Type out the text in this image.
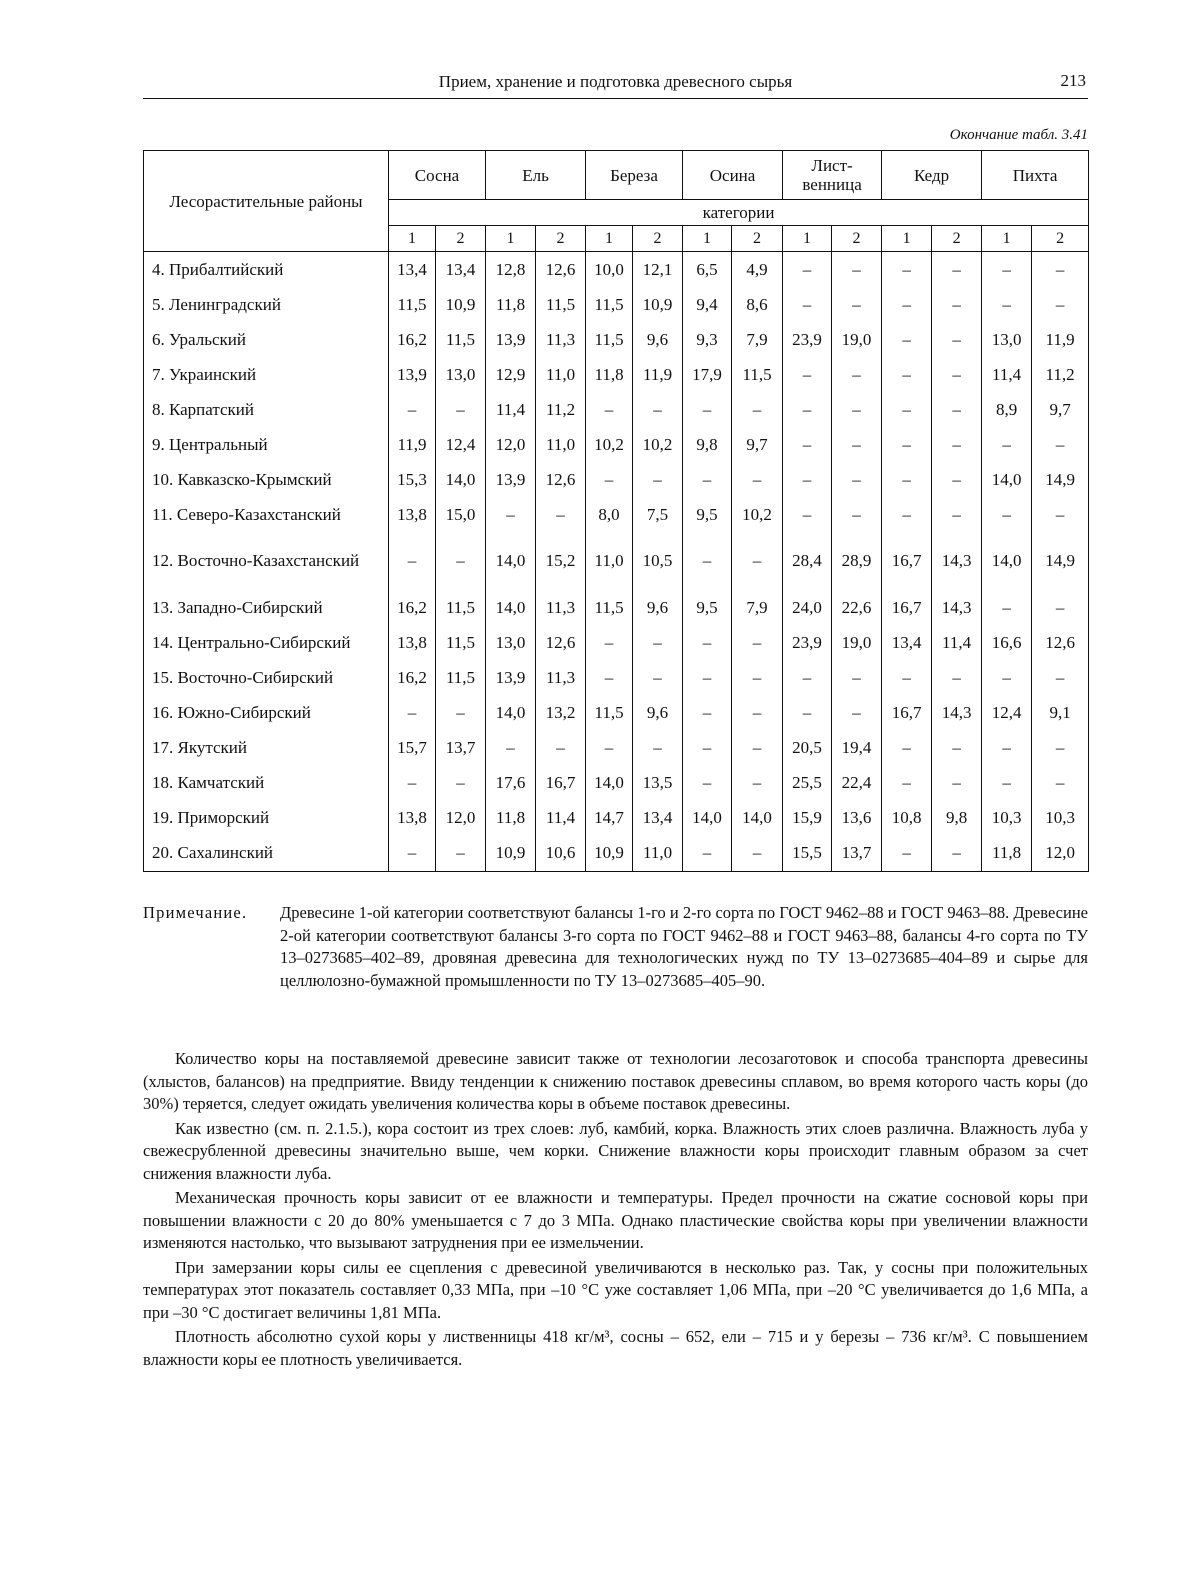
Прием, хранение и подготовка древесного сырья	213
Окончание табл. 3.41
Лесорастительные районы	Сосна		Ель		Береза		Осина		Лист-венница		Кедр		Пихта	
	категории													
	1	2	1	2	1	2	1	2	1	2	1	2	1	2
4. Прибалтийский	13,4	13,4	12,8	12,6	10,0	12,1	6,5	4,9	–	–	–	–	–	–
5. Ленинградский	11,5	10,9	11,8	11,5	11,5	10,9	9,4	8,6	–	–	–	–	–	–
6. Уральский	16,2	11,5	13,9	11,3	11,5	9,6	9,3	7,9	23,9	19,0	–	–	13,0	11,9
7. Украинский	13,9	13,0	12,9	11,0	11,8	11,9	17,9	11,5	–	–	–	–	11,4	11,2
8. Карпатский	–	–	11,4	11,2	–	–	–	–	–	–	–	–	8,9	9,7
9. Центральный	11,9	12,4	12,0	11,0	10,2	10,2	9,8	9,7	–	–	–	–	–	–
10. Кавказско-Крымский	15,3	14,0	13,9	12,6	–	–	–	–	–	–	–	–	14,0	14,9
11. Северо-Казахстанский	13,8	15,0	–	–	8,0	7,5	9,5	10,2	–	–	–	–	–	–
12. Восточно-Казахстанский	–	–	14,0	15,2	11,0	10,5	–	–	28,4	28,9	16,7	14,3	14,0	14,9
13. Западно-Сибирский	16,2	11,5	14,0	11,3	11,5	9,6	9,5	7,9	24,0	22,6	16,7	14,3	–	–
14. Центрально-Сибирский	13,8	11,5	13,0	12,6	–	–	–	–	23,9	19,0	13,4	11,4	16,6	12,6
15. Восточно-Сибирский	16,2	11,5	13,9	11,3	–	–	–	–	–	–	–	–	–	–
16. Южно-Сибирский	–	–	14,0	13,2	11,5	9,6	–	–	–	–	16,7	14,3	12,4	9,1
17. Якутский	15,7	13,7	–	–	–	–	–	–	20,5	19,4	–	–	–	–
18. Камчатский	–	–	17,6	16,7	14,0	13,5	–	–	25,5	22,4	–	–	–	–
19. Приморский	13,8	12,0	11,8	11,4	14,7	13,4	14,0	14,0	15,9	13,6	10,8	9,8	10,3	10,3
20. Сахалинский	–	–	10,9	10,6	10,9	11,0	–	–	15,5	13,7	–	–	11,8	12,0
Примечание. Древесине 1-ой категории соответствуют балансы 1-го и 2-го сорта по ГОСТ 9462–88 и ГОСТ 9463–88. Древесине 2-ой категории соответствуют балансы 3-го сорта по ГОСТ 9462–88 и ГОСТ 9463–88, балансы 4-го сорта по ТУ 13–0273685–402–89, дровяная древесина для технологических нужд по ТУ 13–0273685–404–89 и сырье для целлюлозно-бумажной промышленности по ТУ 13–0273685–405–90.

Количество коры на поставляемой древесине зависит также от технологии лесозаготовок и способа транспорта древесины (хлыстов, балансов) на предприятие. Ввиду тенденции к снижению поставок древесины сплавом, во время которого часть коры (до 30%) теряется, следует ожидать увеличения количества коры в объеме поставок древесины.

Как известно (см. п. 2.1.5.), кора состоит из трех слоев: луб, камбий, корка. Влажность этих слоев различна. Влажность луба у свежесрубленной древесины значительно выше, чем корки. Снижение влажности коры происходит главным образом за счет снижения влажности луба.

Механическая прочность коры зависит от ее влажности и температуры. Предел прочности на сжатие сосновой коры при повышении влажности с 20 до 80% уменьшается с 7 до 3 МПа. Однако пластические свойства коры при увеличении влажности изменяются настолько, что вызывают затруднения при ее измельчении.

При замерзании коры силы ее сцепления с древесиной увеличиваются в несколько раз. Так, у сосны при положительных температурах этот показатель составляет 0,33 МПа, при –10 °С уже составляет 1,06 МПа, при –20 °С увеличивается до 1,6 МПа, а при –30 °С достигает величины 1,81 МПа.

Плотность абсолютно сухой коры у лиственницы 418 кг/м³, сосны – 652, ели – 715 и у березы – 736 кг/м³. С повышением влажности коры ее плотность увеличивается.
